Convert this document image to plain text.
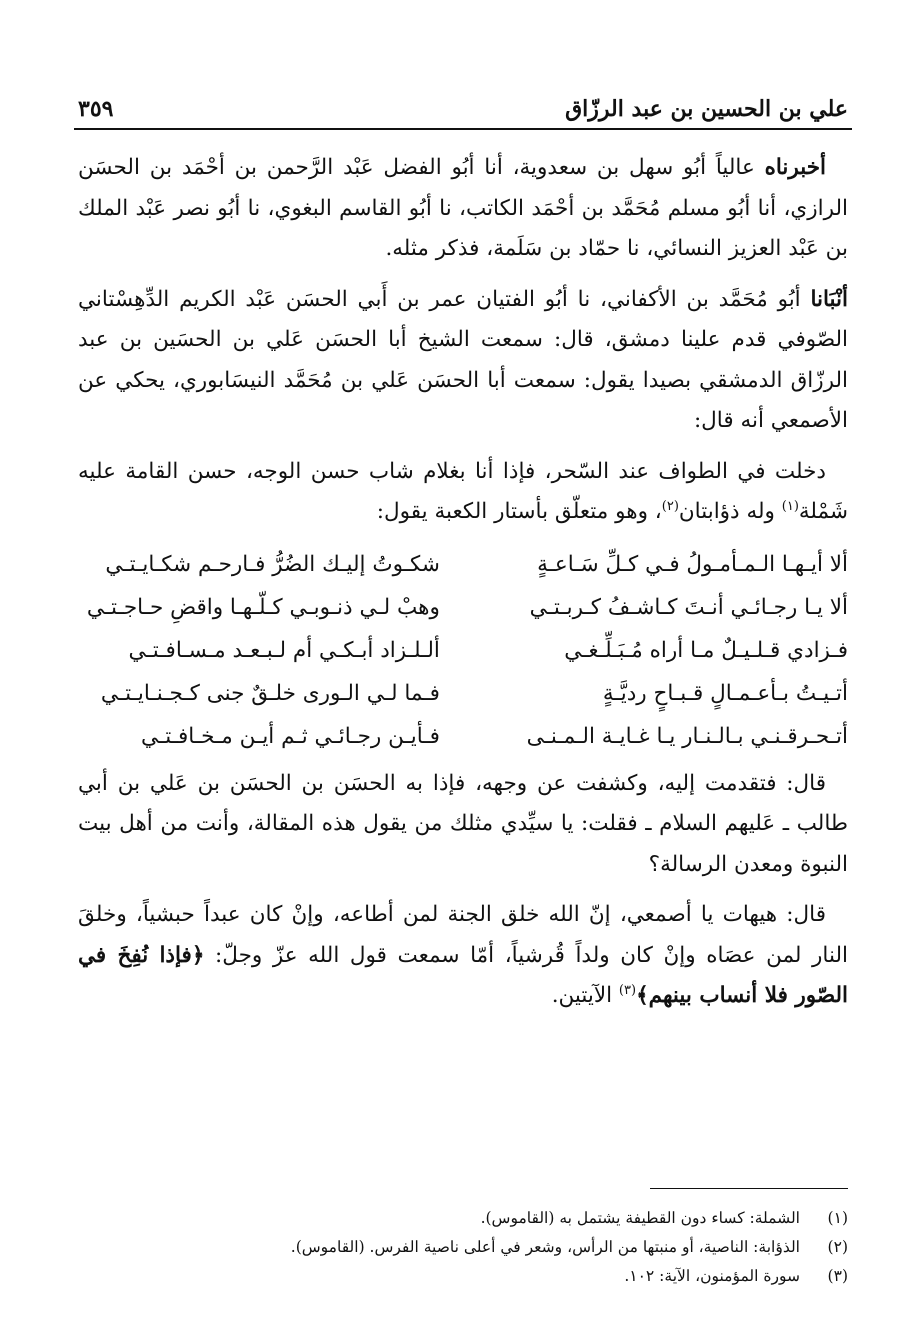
علي بن الحسين بن عبد الرزّاق
٣٥٩

أخبرناه عالياً أبُو سهل بن سعدوية، أنا أبُو الفضل عَبْد الرَّحمن بن أحْمَد بن الحسَن الرازي، أنا أبُو مسلم مُحَمَّد بن أحْمَد الكاتب، نا أبُو القاسم البغوي، نا أبُو نصر عَبْد الملك بن عَبْد العزيز النسائي، نا حمّاد بن سَلَمة، فذكر مثله.

أنْبَانا أبُو مُحَمَّد بن الأكفاني، نا أبُو الفتيان عمر بن أَبي الحسَن عَبْد الكريم الدِّهِسْتاني الصّوفي قدم علينا دمشق، قال: سمعت الشيخ أبا الحسَن عَلي بن الحسَين بن عبد الرزّاق الدمشقي بصيدا يقول: سمعت أبا الحسَن عَلي بن مُحَمَّد النيسَابوري، يحكي عن الأصمعي أنه قال:

دخلت في الطواف عند السّحر، فإذا أنا بغلام شاب حسن الوجه، حسن القامة عليه شَمْلة$^{(١)}$ وله ذؤابتان$^{(٢)}$، وهو متعلّق بأستار الكعبة يقول:

ألا أيـهـا الـمـأمـولُ فـي كـلِّ سَـاعـةٍ
شكـوتُ إليـك الضُرُّ فـارحـم شكـايـتـي
ألا يـا رجـائـي أنـتَ كـاشـفُ كـربـتـي
وهبْ لـي ذنـوبـي كـلّـهـا واقضِ حـاجـتـي
فـزادي قـلـيـلٌ مـا أراه مُـبَـلِّـغـي
ألـلـزاد أبـكـي أم لـبـعـد مـسـافـتـي
أتـيـتُ بـأعـمـالٍ قـبـاحٍ رديَّـةٍ
فـما لـي الـورى خلـقٌ جنى كـجـنـايـتـي
أتـحـرقـنـي بـالـنـار يـا غـايـة الـمـنـى
فـأيـن رجـائـي ثـم أيـن مـخـافـتـي

قال: فتقدمت إليه، وكشفت عن وجهه، فإذا به الحسَن بن الحسَن بن عَلي بن أبي طالب ـ عَليهم السلام ـ فقلت: يا سيِّدي مثلك من يقول هذه المقالة، وأنت من أهل بيت النبوة ومعدن الرسالة؟

قال: هيهات يا أصمعي، إنّ الله خلق الجنة لمن أطاعه، وإنْ كان عبداً حبشياً، وخلقَ النار لمن عصَاه وإنْ كان ولداً قُرشياً، أمّا سمعت قول الله عزّ وجلّ: ﴿فإذا نُفِخَ في الصّور فلا أنساب بينهم﴾$^{(٣)}$ الآيتين.

(١)
الشملة: كساء دون القطيفة يشتمل به (القاموس).
(٢)
الذؤابة: الناصية، أو منبتها من الرأس، وشعر في أعلى ناصية الفرس. (القاموس).
(٣)
سورة المؤمنون، الآية: ١٠٢.
